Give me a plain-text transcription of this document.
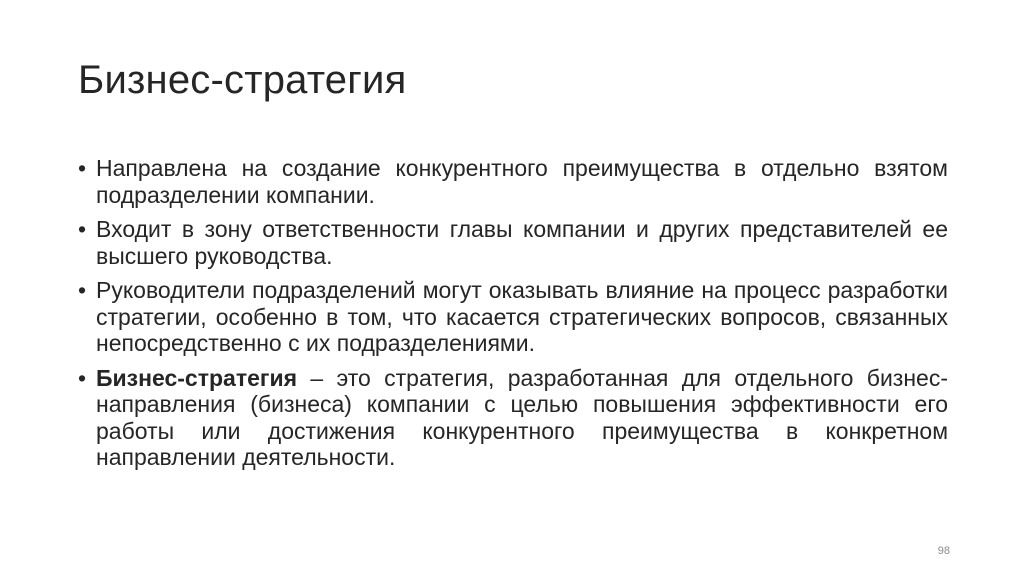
Бизнес-стратегия

• Направлена на создание конкурентного преимущества в отдельно взятом подразделении компании.

• Входит в зону ответственности главы компании и других представителей ее высшего руководства.

• Руководители подразделений могут оказывать влияние на процесс разработки стратегии, особенно в том, что касается стратегических вопросов, связанных непосредственно с их подразделениями.

• Бизнес-стратегия – это стратегия, разработанная для отдельного бизнес-направления (бизнеса) компании с целью повышения эффективности его работы или достижения конкурентного преимущества в конкретном направлении деятельности.

98
